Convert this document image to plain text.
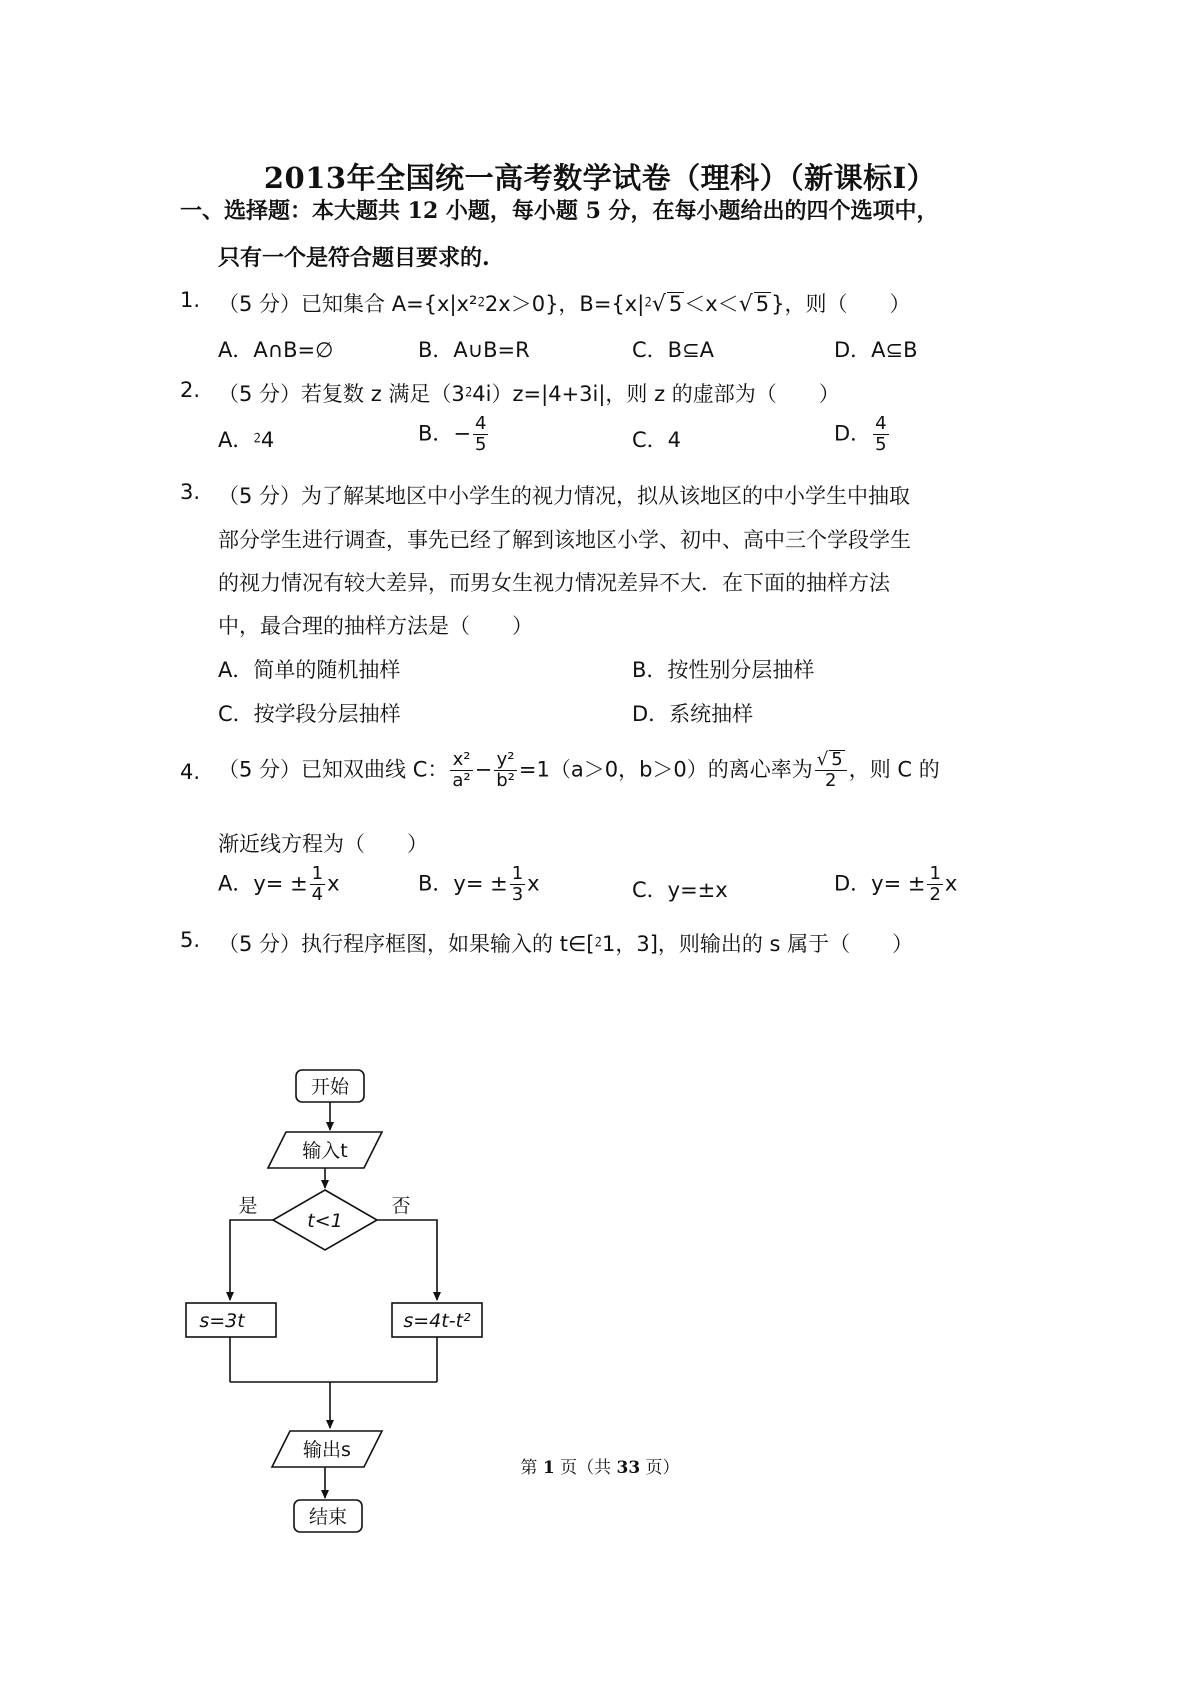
2013年全国统一高考数学试卷（理科）（新课标Ⅰ）
一、选择题：本大题共 12 小题，每小题 5 分，在每小题给出的四个选项中，
只有一个是符合题目要求的.
1. （5 分）已知集合 A={x|x²⁲2x＞0}，B={x|⁲√ 5＜x＜√ 5}，则（　　）
A．A∩B=∅	B．A∪B=R	C．B⊆A	D．A⊆B
2. （5 分）若复数 z 满足（3⁲4i）z=|4+3i|，则 z 的虚部为（　　）
A．⁲4	B．− $\frac{4}{5}$	C．4	D． $\frac{4}{5}$
3. （5 分）为了解某地区中小学生的视力情况，拟从该地区的中小学生中抽取
部分学生进行调查，事先已经了解到该地区小学、初中、高中三个学段学生
的视力情况有较大差异，而男女生视力情况差异不大．在下面的抽样方法
中，最合理的抽样方法是（　　）
A．简单的随机抽样	B．按性别分层抽样
C．按学段分层抽样	D．系统抽样
4. （5 分）已知双曲线 C： $\frac{\text{x²}}{\text{a²}} - \frac{\text{y²}}{\text{b²}} =1(a>0$，b＞0）的离心率为 $\frac{√ 5}{2}$ ，则 C 的
渐近线方程为（　　）
A．$y= \pm \frac{1}{4}$ x	B．$y= \pm \frac{1}{3}$ x	C．y=±x	D．$y= \pm \frac{1}{2}$ x
5. （5 分）执行程序框图，如果输入的 t∈[⁲1，3]，则输出的 s 属于（　　）
开始
输入t
t<1
是	否
s=3t	s=4t-t²
输出s
结束
第 1 页（共 33 页）
